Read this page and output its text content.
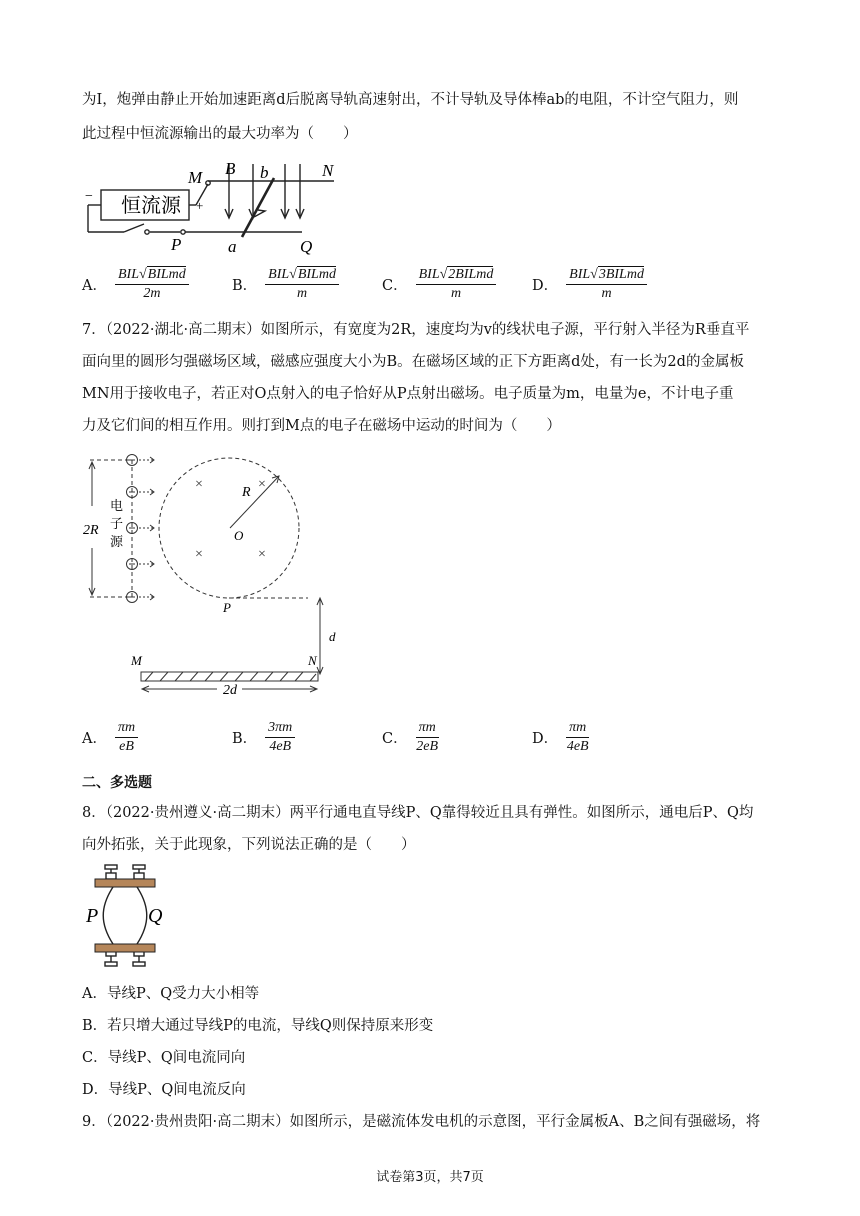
为I，炮弹由静止开始加速距离d后脱离导轨高速射出，不计导轨及导体棒ab的电阻，不计空气阻力，则
此过程中恒流源输出的最大功率为（　　）
恒流源
−
+
M	N
B b
P	a	Q
A． $\frac{\text{BIL√BILmd}}{2m}$	B． $\frac{\text{BIL√BILmd}}{m}$	C． $\frac{\text{BIL√2BILmd}}{m}$ D． $\frac{\text{BIL√3BILmd}}{m}$
7．（2022·湖北·高二期末）如图所示，有宽度为2R，速度均为v的线状电子源，平行射入半径为R垂直平
面向里的圆形匀强磁场区域，磁感应强度大小为B。在磁场区域的正下方距离d处，有一长为2d的金属板
MN用于接收电子，若正对O点射入的电子恰好从P点射出磁场。电子质量为m，电量为e，不计电子重
力及它们间的相互作用。则打到M点的电子在磁场中运动的时间为（　　）
×	×
×	×
2R
电
子
源
R
O
P
d
M	N
2d
A． $\frac{\pi m}{eB}$	B． $\frac{3\pi m}{4eB}$	C． $\frac{\pi m}{2eB}$	D． $\frac{\pi m}{4eB}$
二、多选题
8．（2022·贵州遵义·高二期末）两平行通电直导线P、Q靠得较近且具有弹性。如图所示，通电后P、Q均
向外拓张，关于此现象，下列说法正确的是（　　）
P Q
A．导线P、Q受力大小相等
B．若只增大通过导线P的电流，导线Q则保持原来形变
C．导线P、Q间电流同向
D．导线P、Q间电流反向
9．（2022·贵州贵阳·高二期末）如图所示，是磁流体发电机的示意图，平行金属板A、B之间有强磁场，将
试卷第3页，共7页
